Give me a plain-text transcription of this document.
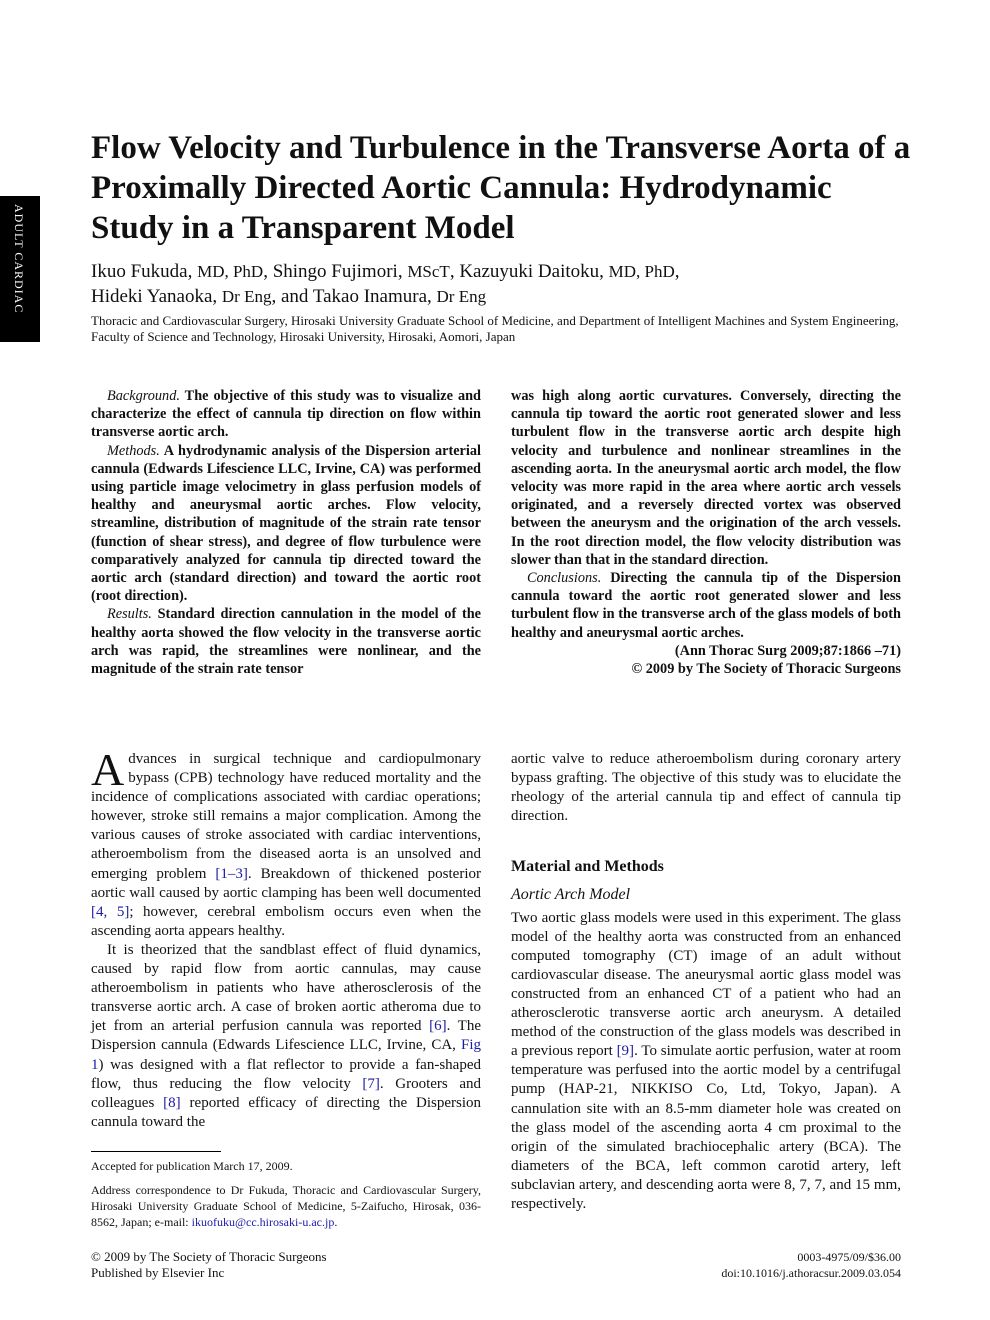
ADULT CARDIAC
Flow Velocity and Turbulence in the Transverse Aorta of a Proximally Directed Aortic Cannula: Hydrodynamic Study in a Transparent Model
Ikuo Fukuda, MD, PhD, Shingo Fujimori, MScT, Kazuyuki Daitoku, MD, PhD,
Hideki Yanaoka, Dr Eng, and Takao Inamura, Dr Eng
Thoracic and Cardiovascular Surgery, Hirosaki University Graduate School of Medicine, and Department of Intelligent Machines and System Engineering, Faculty of Science and Technology, Hirosaki University, Hirosaki, Aomori, Japan

Background. The objective of this study was to visualize and characterize the effect of cannula tip direction on flow within transverse aortic arch.

Methods. A hydrodynamic analysis of the Dispersion arterial cannula (Edwards Lifescience LLC, Irvine, CA) was performed using particle image velocimetry in glass perfusion models of healthy and aneurysmal aortic arches. Flow velocity, streamline, distribution of magnitude of the strain rate tensor (function of shear stress), and degree of flow turbulence were comparatively analyzed for cannula tip directed toward the aortic arch (standard direction) and toward the aortic root (root direction).

Results. Standard direction cannulation in the model of the healthy aorta showed the flow velocity in the transverse aortic arch was rapid, the streamlines were nonlinear, and the magnitude of the strain rate tensor

was high along aortic curvatures. Conversely, directing the cannula tip toward the aortic root generated slower and less turbulent flow in the transverse aortic arch despite high velocity and turbulence and nonlinear streamlines in the ascending aorta. In the aneurysmal aortic arch model, the flow velocity was more rapid in the area where aortic arch vessels originated, and a reversely directed vortex was observed between the aneurysm and the origination of the arch vessels. In the root direction model, the flow velocity distribution was slower than that in the standard direction.

Conclusions. Directing the cannula tip of the Dispersion cannula toward the aortic root generated slower and less turbulent flow in the transverse arch of the glass models of both healthy and aneurysmal aortic arches.

(Ann Thorac Surg 2009;87:1866 –71)

© 2009 by The Society of Thoracic Surgeons

Advances in surgical technique and cardiopulmonary bypass (CPB) technology have reduced mortality and the incidence of complications associated with cardiac operations; however, stroke still remains a major complication. Among the various causes of stroke associated with cardiac interventions, atheroembolism from the diseased aorta is an unsolved and emerging problem [1–3]. Breakdown of thickened posterior aortic wall caused by aortic clamping has been well documented [4, 5]; however, cerebral embolism occurs even when the ascending aorta appears healthy.

It is theorized that the sandblast effect of fluid dynamics, caused by rapid flow from aortic cannulas, may cause atheroembolism in patients who have atherosclerosis of the transverse aortic arch. A case of broken aortic atheroma due to jet from an arterial perfusion cannula was reported [6]. The Dispersion cannula (Edwards Lifescience LLC, Irvine, CA, Fig 1) was designed with a flat reflector to provide a fan-shaped flow, thus reducing the flow velocity [7]. Grooters and colleagues [8] reported efficacy of directing the Dispersion cannula toward the

aortic valve to reduce atheroembolism during coronary artery bypass grafting. The objective of this study was to elucidate the rheology of the arterial cannula tip and effect of cannula tip direction.

Material and Methods
Aortic Arch Model

Two aortic glass models were used in this experiment. The glass model of the healthy aorta was constructed from an enhanced computed tomography (CT) image of an adult without cardiovascular disease. The aneurysmal aortic glass model was constructed from an enhanced CT of a patient who had an atherosclerotic transverse aortic arch aneurysm. A detailed method of the construction of the glass models was described in a previous report [9]. To simulate aortic perfusion, water at room temperature was perfused into the aortic model by a centrifugal pump (HAP-21, NIKKISO Co, Ltd, Tokyo, Japan). A cannulation site with an 8.5-mm diameter hole was created on the glass model of the ascending aorta 4 cm proximal to the origin of the simulated brachiocephalic artery (BCA). The diameters of the BCA, left common carotid artery, left subclavian artery, and descending aorta were 8, 7, 7, and 15 mm, respectively.

Accepted for publication March 17, 2009.

Address correspondence to Dr Fukuda, Thoracic and Cardiovascular Surgery, Hirosaki University Graduate School of Medicine, 5-Zaifucho, Hirosak, 036-8562, Japan; e-mail: ikuofuku@cc.hirosaki-u.ac.jp.

© 2009 by The Society of Thoracic Surgeons
Published by Elsevier Inc
0003-4975/09/$36.00
doi:10.1016/j.athoracsur.2009.03.054
